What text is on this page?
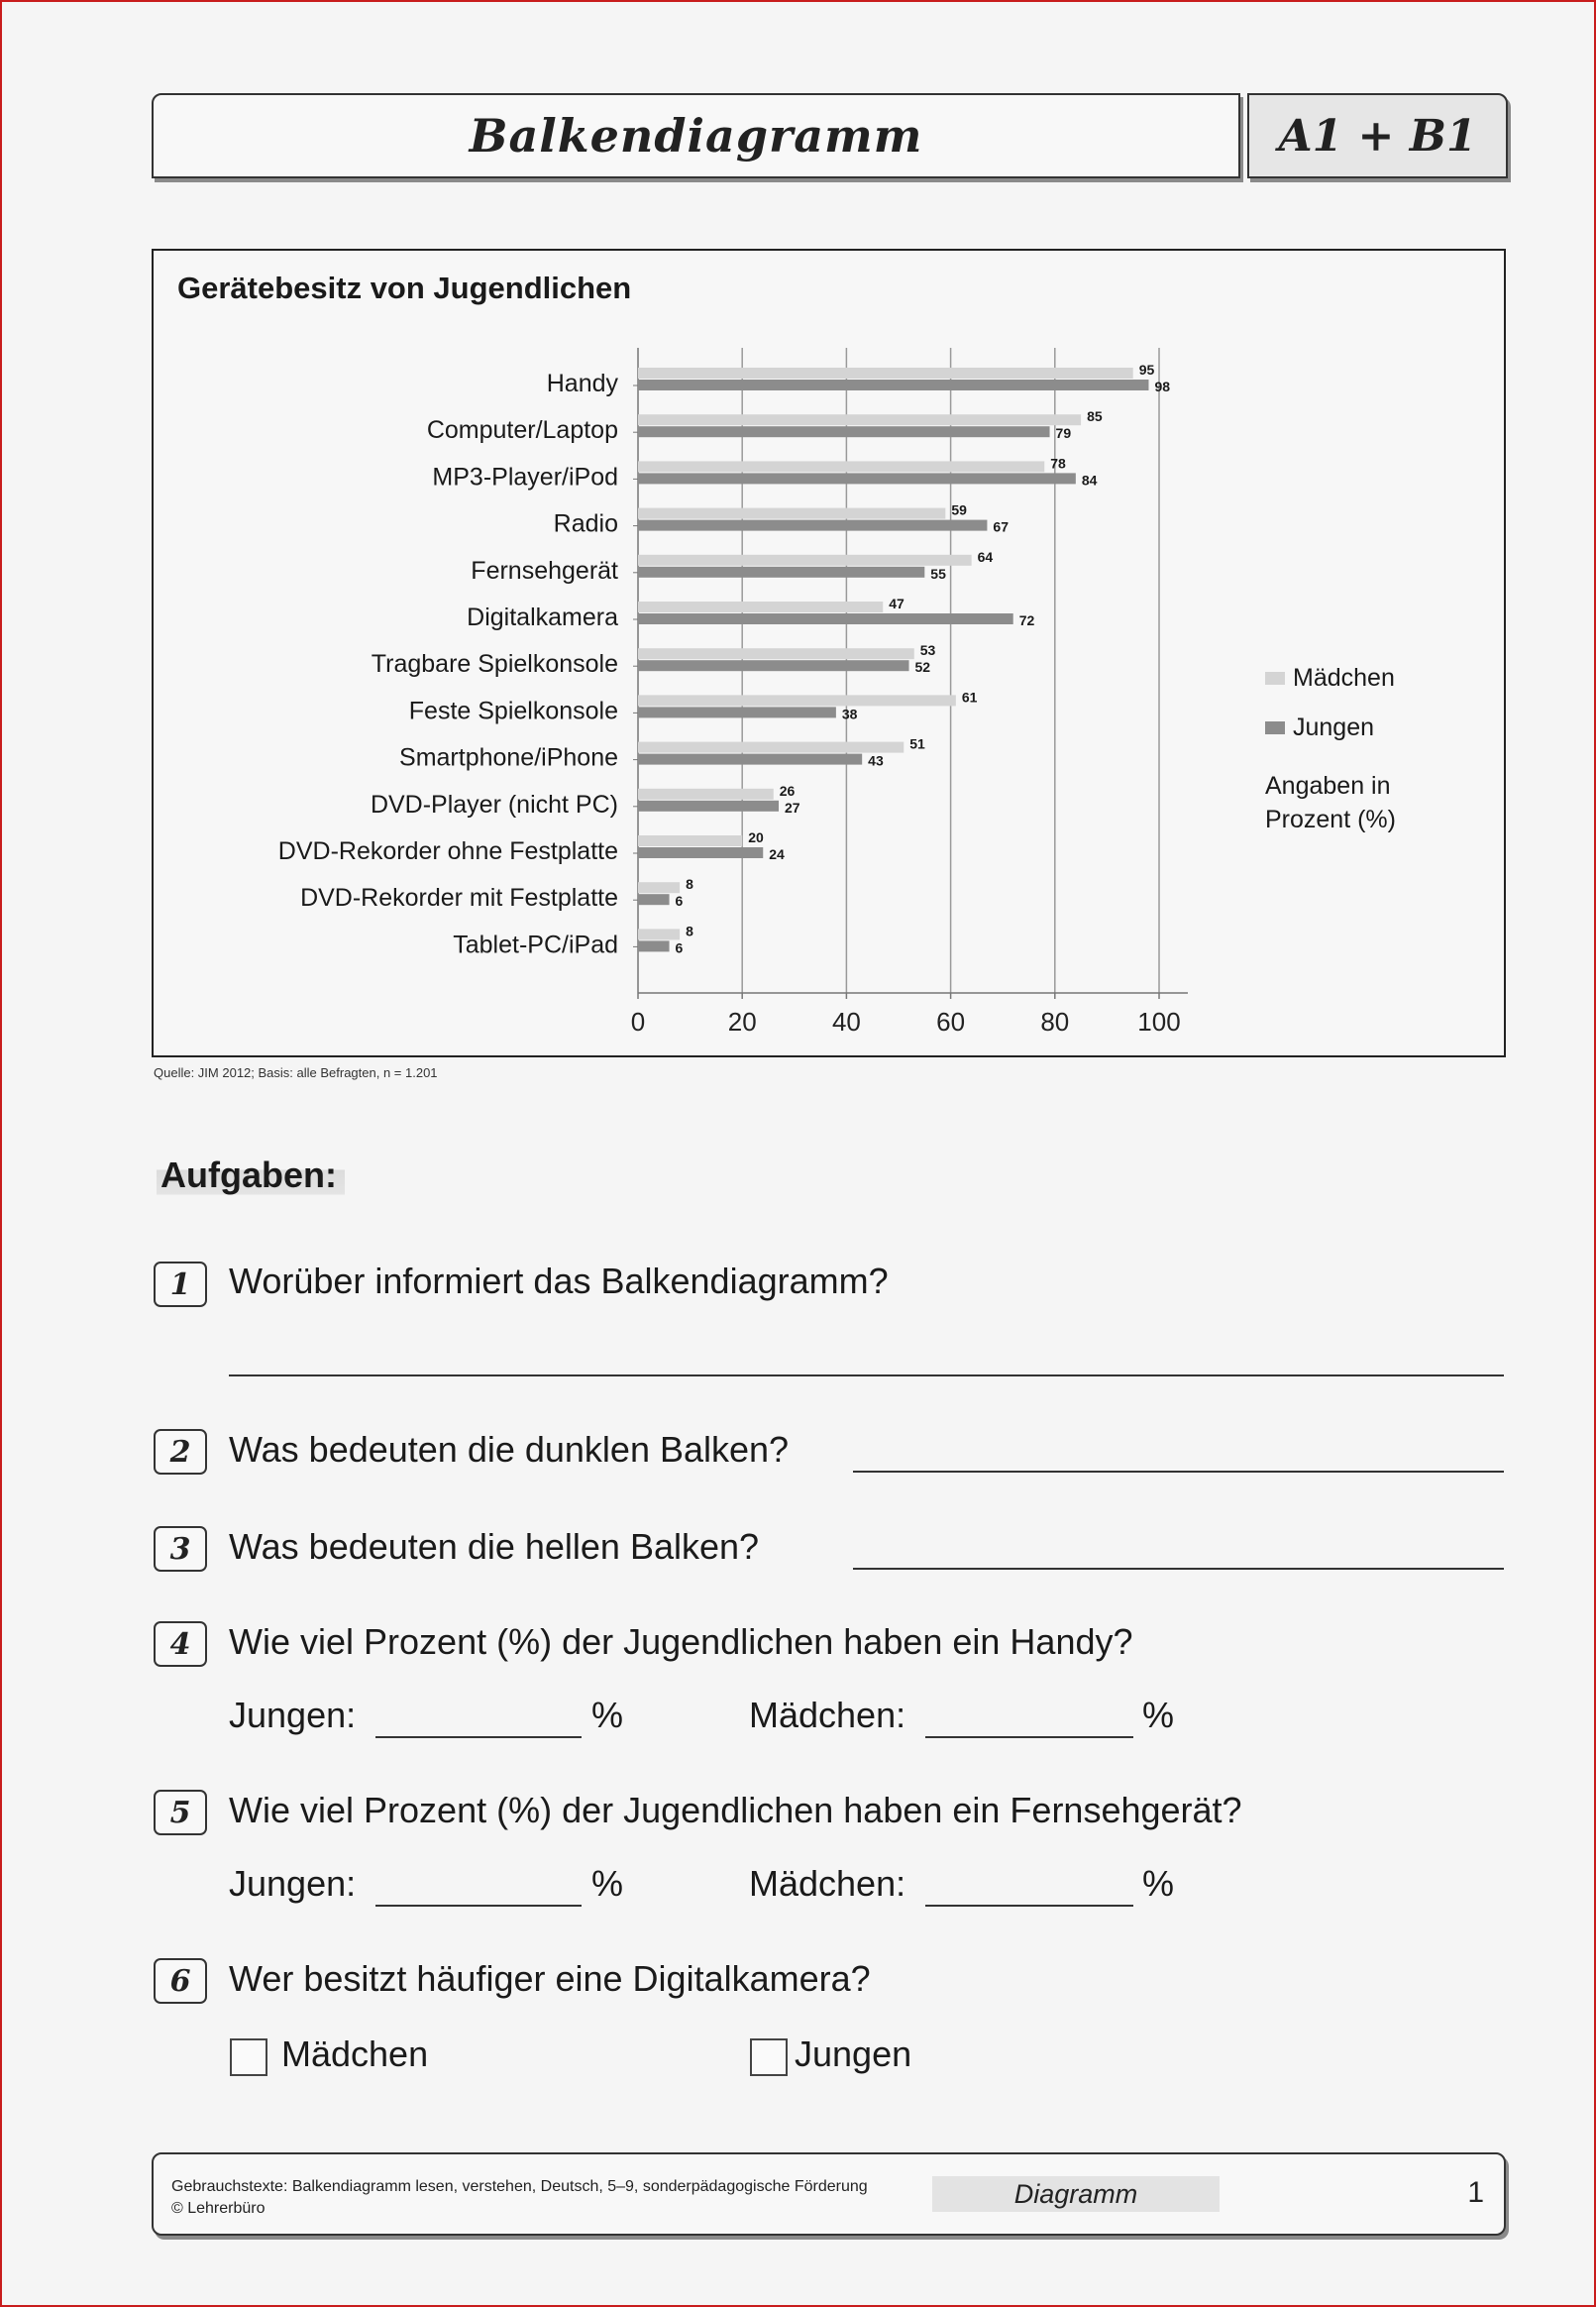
Balkendiagramm	A1 + B1
Gerätebesitz von Jugendlichen
0	20	40	60	80	100
Handy	95
98
Computer/Laptop	85
79
MP3-Player/iPod	78
84
Radio	59
67
Fernsehgerät	64
55
Digitalkamera	47
72
Tragbare Spielkonsole	53
52
Feste Spielkonsole	61
38
Smartphone/iPhone	51
43
DVD-Player (nicht PC)	26
27
DVD-Rekorder ohne Festplatte	20
24
DVD-Rekorder mit Festplatte	8
6
Tablet-PC/iPad	8
6
Mädchen
Jungen
Angaben in
Prozent (%)
Quelle: JIM 2012; Basis: alle Befragten, n = 1.201
Aufgaben:
1	Worüber informiert das Balkendiagramm?
2	Was bedeuten die dunklen Balken?
3	Was bedeuten die hellen Balken?
4	Wie viel Prozent (%) der Jugendlichen haben ein Handy?
Jungen:	%	Mädchen:	%
5	Wie viel Prozent (%) der Jugendlichen haben ein Fernsehgerät?
Jungen:	%	Mädchen:	%
6	Wer besitzt häufiger eine Digitalkamera?
Mädchen	Jungen
Gebrauchstexte: Balkendiagramm lesen, verstehen, Deutsch, 5–9, sonderpädagogische Förderung
© Lehrerbüro	Diagramm	1
